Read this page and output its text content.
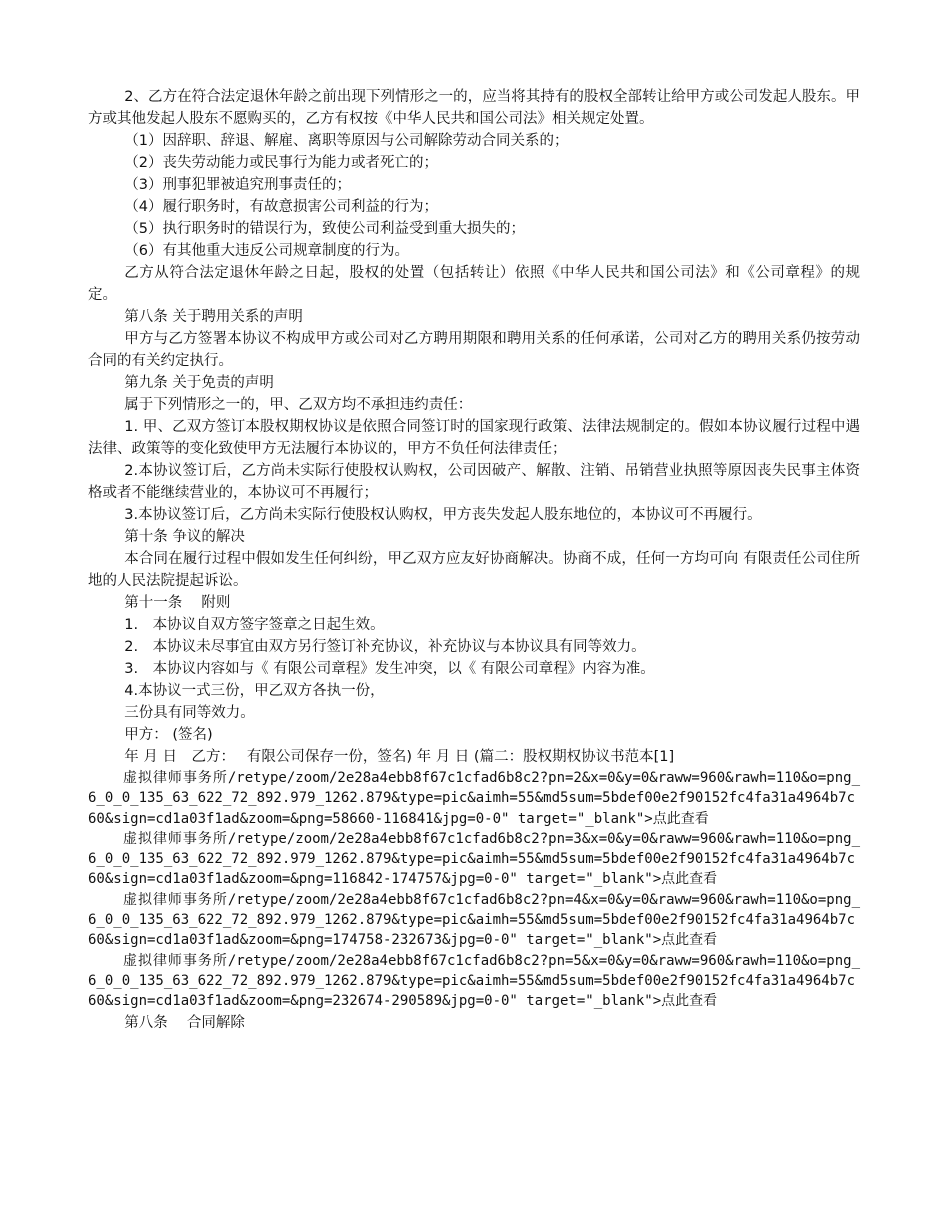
2、乙方在符合法定退休年龄之前出现下列情形之一的，应当将其持有的股权全部转让给甲方或公司发起人股东。甲方或其他发起人股东不愿购买的，乙方有权按《中华人民共和国公司法》相关规定处置。

（1）因辞职、辞退、解雇、离职等原因与公司解除劳动合同关系的；

（2）丧失劳动能力或民事行为能力或者死亡的；

（3）刑事犯罪被追究刑事责任的；

（4）履行职务时，有故意损害公司利益的行为；

（5）执行职务时的错误行为，致使公司利益受到重大损失的；

（6）有其他重大违反公司规章制度的行为。

乙方从符合法定退休年龄之日起，股权的处置（包括转让）依照《中华人民共和国公司法》和《公司章程》的规定。

第八条 关于聘用关系的声明

甲方与乙方签署本协议不构成甲方或公司对乙方聘用期限和聘用关系的任何承诺，公司对乙方的聘用关系仍按劳动合同的有关约定执行。

第九条 关于免责的声明

属于下列情形之一的，甲、乙双方均不承担违约责任：

1. 甲、乙双方签订本股权期权协议是依照合同签订时的国家现行政策、法律法规制定的。假如本协议履行过程中遇法律、政策等的变化致使甲方无法履行本协议的，甲方不负任何法律责任；

2.本协议签订后，乙方尚未实际行使股权认购权，公司因破产、解散、注销、吊销营业执照等原因丧失民事主体资格或者不能继续营业的，本协议可不再履行；

3.本协议签订后，乙方尚未实际行使股权认购权，甲方丧失发起人股东地位的，本协议可不再履行。

第十条 争议的解决

本合同在履行过程中假如发生任何纠纷，甲乙双方应友好协商解决。协商不成，任何一方均可向 有限责任公司住所地的人民法院提起诉讼。

第十一条　 附则

1.　本协议自双方签字签章之日起生效。

2.　本协议未尽事宜由双方另行签订补充协议，补充协议与本协议具有同等效力。

3.　本协议内容如与《 有限公司章程》发生冲突，以《 有限公司章程》内容为准。

4.本协议一式三份，甲乙双方各执一份，

三份具有同等效力。

甲方： (签名)

年 月 日　乙方：　 有限公司保存一份，签名) 年 月 日 (篇二：股权期权协议书范本[1]

虚拟律师事务所/retype/zoom/2e28a4ebb8f67c1cfad6b8c2?pn=2&x=0&y=0&raww=960&rawh=110&o=png_6_0_0_135_63_622_72_892.979_1262.879&type=pic&aimh=55&md5sum=5bdef00e2f90152fc4fa31a4964b7c60&sign=cd1a03f1ad&zoom=&png=58660-116841&jpg=0-0" target="_blank">点此查看

虚拟律师事务所/retype/zoom/2e28a4ebb8f67c1cfad6b8c2?pn=3&x=0&y=0&raww=960&rawh=110&o=png_6_0_0_135_63_622_72_892.979_1262.879&type=pic&aimh=55&md5sum=5bdef00e2f90152fc4fa31a4964b7c60&sign=cd1a03f1ad&zoom=&png=116842-174757&jpg=0-0" target="_blank">点此查看

虚拟律师事务所/retype/zoom/2e28a4ebb8f67c1cfad6b8c2?pn=4&x=0&y=0&raww=960&rawh=110&o=png_6_0_0_135_63_622_72_892.979_1262.879&type=pic&aimh=55&md5sum=5bdef00e2f90152fc4fa31a4964b7c60&sign=cd1a03f1ad&zoom=&png=174758-232673&jpg=0-0" target="_blank">点此查看

虚拟律师事务所/retype/zoom/2e28a4ebb8f67c1cfad6b8c2?pn=5&x=0&y=0&raww=960&rawh=110&o=png_6_0_0_135_63_622_72_892.979_1262.879&type=pic&aimh=55&md5sum=5bdef00e2f90152fc4fa31a4964b7c60&sign=cd1a03f1ad&zoom=&png=232674-290589&jpg=0-0" target="_blank">点此查看

第八条　 合同解除
